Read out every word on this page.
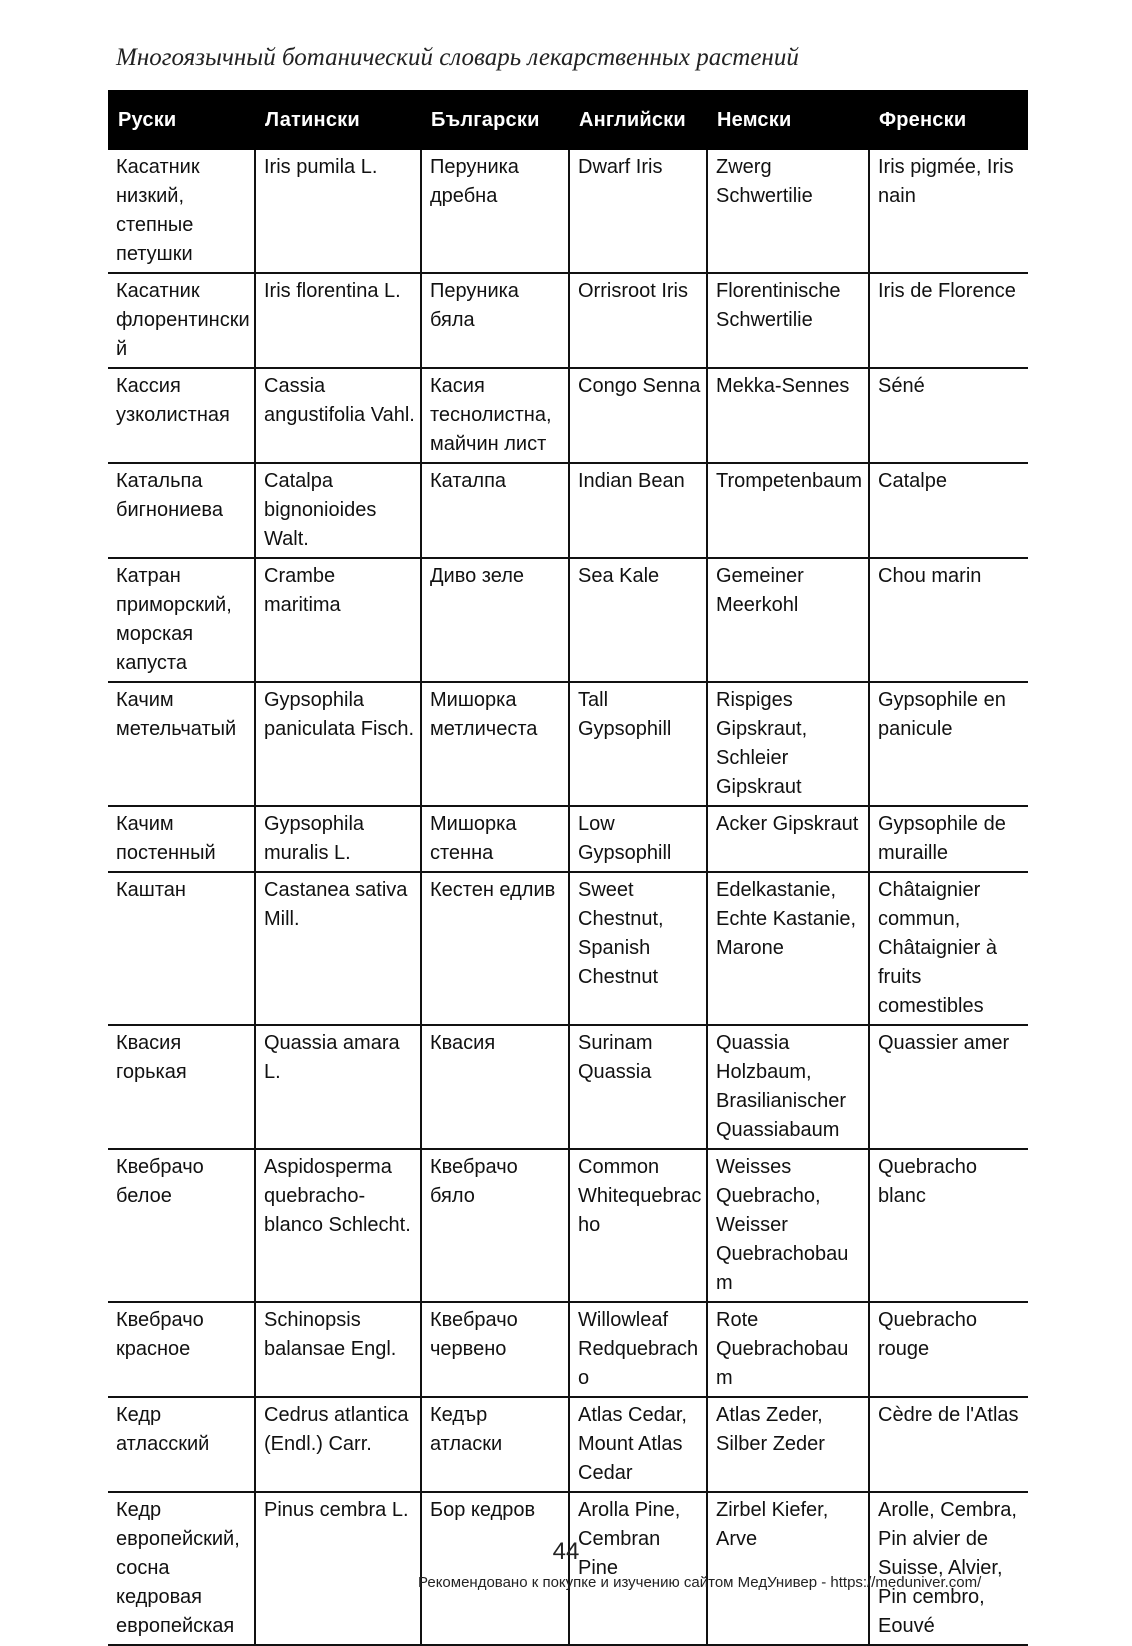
Многоязычный ботанический словарь лекарственных растений
Руски	Латински	Български	Английски	Немски	Френски
Касатник низкий, степные петушки	Iris pumila L.	Перуника дребна	Dwarf Iris	Zwerg Schwertilie	Iris pigmée, Iris nain
Касатник флорентинский	Iris florentina L.	Перуника бяла	Orrisroot Iris	Florentinische Schwertilie	Iris de Florence
Кассия узколистная	Cassia angustifolia Vahl.	Касия теснолистна, майчин лист	Congo Senna	Mekka-Sennes	Séné
Катальпа бигнониева	Catalpa bignonioides Walt.	Каталпа	Indian Bean	Trompetenbaum	Catalpe
Катран приморский, морская капуста	Crambe maritima	Диво зеле	Sea Kale	Gemeiner Meerkohl	Chou marin
Качим метельчатый	Gypsophila paniculata Fisch.	Мишорка метличеста	Tall Gypsophill	Rispiges Gipskraut, Schleier Gipskraut	Gypsophile en panicule
Качим постенный	Gypsophila muralis L.	Мишорка стенна	Low Gypsophill	Acker Gipskraut	Gypsophile de muraille
Каштан	Castanea sativa Mill.	Кестен едлив	Sweet Chestnut, Spanish Chestnut	Edelkastanie, Echte Kastanie, Marone	Châtaignier commun, Châtaignier à fruits comestibles
Квасия горькая	Quassia amara L.	Квасия	Surinam Quassia	Quassia Holzbaum, Brasilianischer Quassiabaum	Quassier amer
Квебрачо белое	Aspidosperma quebracho- blanco Schlecht.	Квебрачо бяло	Common Whitequebracho	Weisses Quebracho, Weisser Quebrachobaum	Quebracho blanc
Квебрачо красное	Schinopsis balansae Engl.	Квебрачо червено	Willowleaf Redquebracho	Rote Quebrachobaum	Quebracho rouge
Кедр атласский	Cedrus atlantica (Endl.) Carr.	Кедър атласки	Atlas Cedar, Mount Atlas Cedar	Atlas Zeder, Silber Zeder	Cèdre de l'Atlas
Кедр европейский, сосна кедровая европейская	Pinus cembra L.	Бор кедров	Arolla Pine, Cembran Pine	Zirbel Kiefer, Arve	Arolle, Cembra, Pin alvier de Suisse, Alvier, Pin cembro, Eouvé
44
Рекомендовано к покупке и изучению сайтом МедУнивер - https://meduniver.com/
